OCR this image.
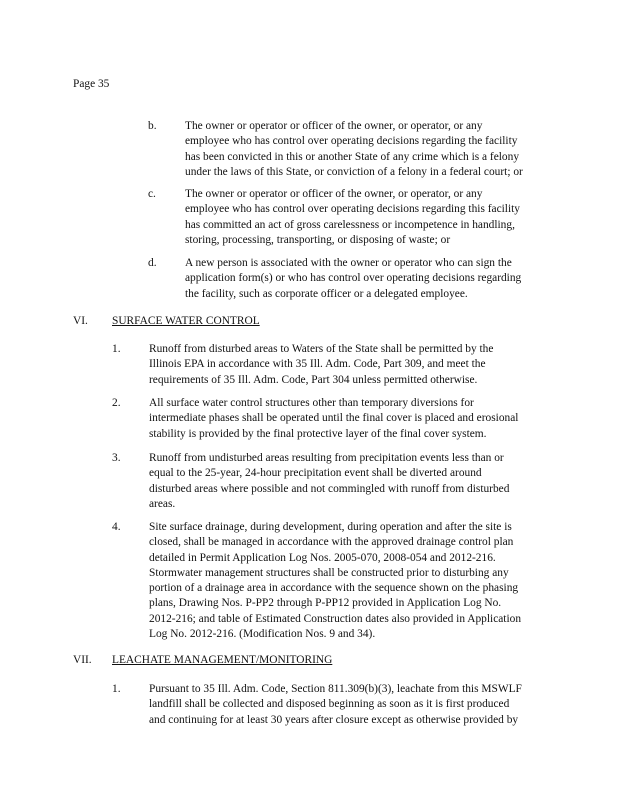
Page 35
b. The owner or operator or officer of the owner, or operator, or any
employee who has control over operating decisions regarding the facility
has been convicted in this or another State of any crime which is a felony
under the laws of this State, or conviction of a felony in a federal court; or
c.	The owner or operator or officer of the owner, or operator, or any
employee who has control over operating decisions regarding this facility
has committed an act of gross carelessness or incompetence in handling,
storing, processing, transporting, or disposing of waste; or
d. A new person is associated with the owner or operator who can sign the
application form(s) or who has control over operating decisions regarding
the facility, such as corporate officer or a delegated employee.
VI. SURFACE WATER CONTROL
1. Runoff from disturbed areas to Waters of the State shall be permitted by the
Illinois EPA in accordance with 35 Ill. Adm. Code, Part 309, and meet the
requirements of 35 Ill. Adm. Code, Part 304 unless permitted otherwise.
2. All surface water control structures other than temporary diversions for
intermediate phases shall be operated until the final cover is placed and erosional
stability is provided by the final protective layer of the final cover system.
3. Runoff from undisturbed areas resulting from precipitation events less than or
equal to the 25-year, 24-hour precipitation event shall be diverted around
disturbed areas where possible and not commingled with runoff from disturbed
areas.
4. Site surface drainage, during development, during operation and after the site is
closed, shall be managed in accordance with the approved drainage control plan
detailed in Permit Application Log Nos. 2005-070, 2008-054 and 2012-216.
Stormwater management structures shall be constructed prior to disturbing any
portion of a drainage area in accordance with the sequence shown on the phasing
plans, Drawing Nos. P-PP2 through P-PP12 provided in Application Log No.
2012-216; and table of Estimated Construction dates also provided in Application
Log No. 2012-216. (Modification Nos. 9 and 34).
VII. LEACHATE MANAGEMENT/MONITORING
1. Pursuant to 35 Ill. Adm. Code, Section 811.309(b)(3), leachate from this MSWLF
landfill shall be collected and disposed beginning as soon as it is first produced
and continuing for at least 30 years after closure except as otherwise provided by
